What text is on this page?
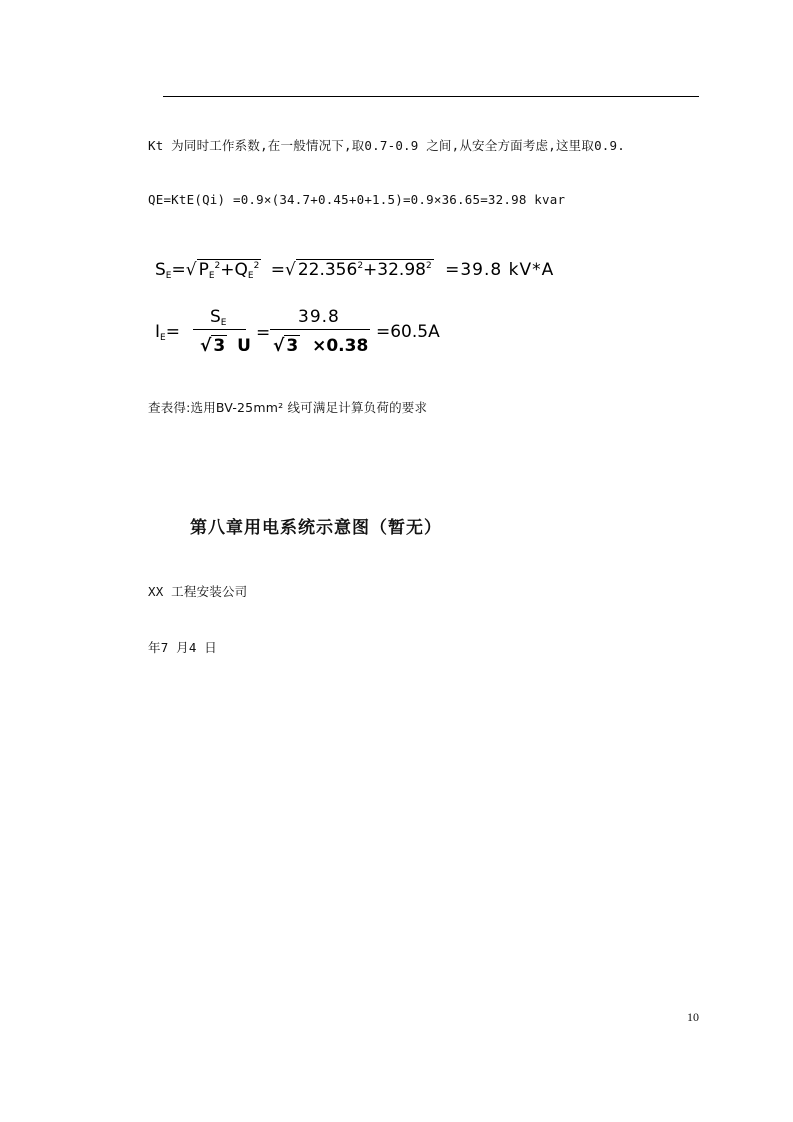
Kt 为同时工作系数,在一般情况下,取0.7-0.9 之间,从安全方面考虑,这里取0.9.
QE=KtE(Qi) =0.9×(34.7+0.45+0+1.5)=0.9×36.65=32.98 kvar
SE=√ $PE^2+QE^2$ =√ $22.356^2+32.98^2 =39.8$ kV*A
IE=
SE
√ 3 U
=
39.8
√ 3 ×0.38
=60.5A
查表得:选用BV-25mm² 线可满足计算负荷的要求
第八章用电系统示意图（暂无）
XX 工程安装公司
年7 月4 日
10
